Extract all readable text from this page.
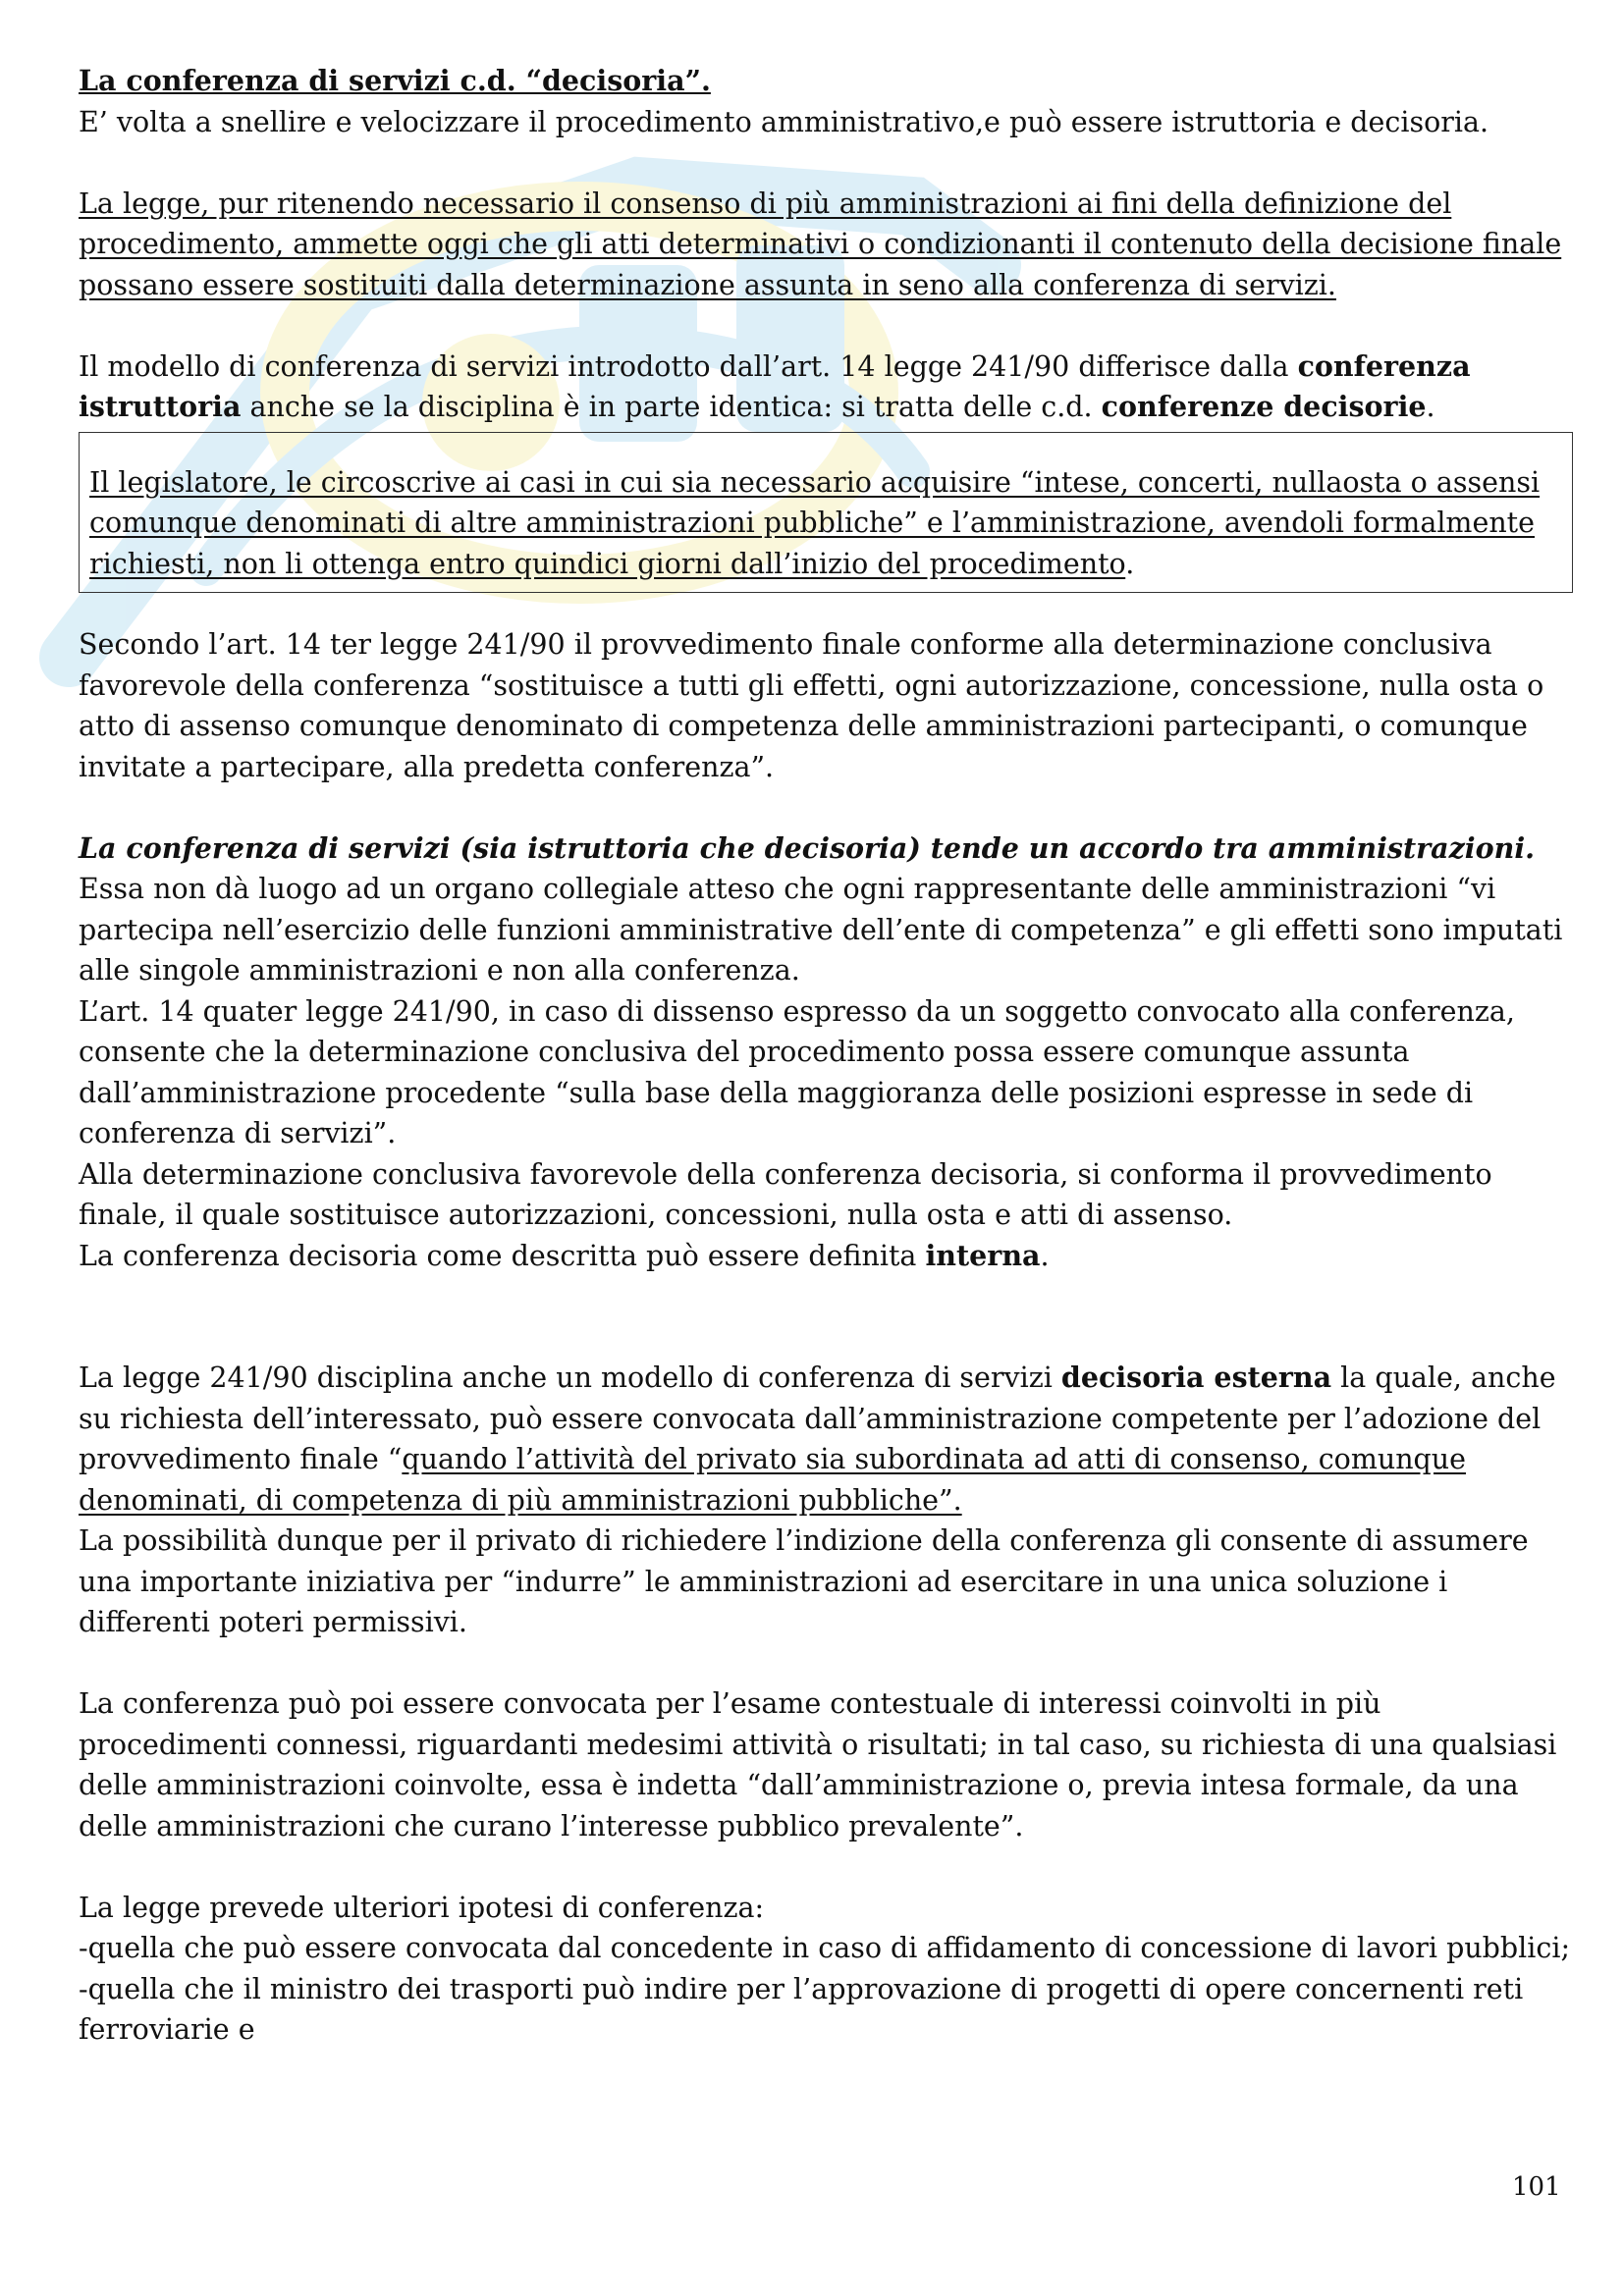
La conferenza di servizi c.d. “decisoria”.

E’ volta a snellire e velocizzare il procedimento amministrativo,e può essere istruttoria e decisoria.

La legge, pur ritenendo necessario il consenso di più amministrazioni ai fini della definizione del procedimento, ammette oggi che gli atti determinativi o condizionanti il contenuto della decisione finale possano essere sostituiti dalla determinazione assunta in seno alla conferenza di servizi.

Il modello di conferenza di servizi introdotto dall’art. 14 legge 241/90 differisce dalla conferenza istruttoria anche se la disciplina è in parte identica: si tratta delle c.d. conferenze decisorie.

Il legislatore, le circoscrive ai casi in cui sia necessario acquisire “intese, concerti, nullaosta o assensi comunque denominati di altre amministrazioni pubbliche” e l’amministrazione, avendoli formalmente richiesti, non li ottenga entro quindici giorni dall’inizio del procedimento.

Secondo l’art. 14 ter legge 241/90 il provvedimento finale conforme alla determinazione conclusiva favorevole della conferenza “sostituisce a tutti gli effetti, ogni autorizzazione, concessione, nulla osta o atto di assenso comunque denominato di competenza delle amministrazioni partecipanti, o comunque invitate a partecipare, alla predetta conferenza”.

La conferenza di servizi (sia istruttoria che decisoria) tende un accordo tra amministrazioni.

Essa non dà luogo ad un organo collegiale atteso che ogni rappresentante delle amministrazioni “vi partecipa nell’esercizio delle funzioni amministrative dell’ente di competenza” e gli effetti sono imputati alle singole amministrazioni e non alla conferenza.

L’art. 14 quater legge 241/90, in caso di dissenso espresso da un soggetto convocato alla conferenza, consente che la determinazione conclusiva del procedimento possa essere comunque assunta dall’amministrazione procedente “sulla base della maggioranza delle posizioni espresse in sede di conferenza di servizi”.

Alla determinazione conclusiva favorevole della conferenza decisoria, si conforma il provvedimento finale, il quale sostituisce autorizzazioni, concessioni, nulla osta e atti di assenso.

La conferenza decisoria come descritta può essere definita interna.

La legge 241/90 disciplina anche un modello di conferenza di servizi decisoria esterna la quale, anche su richiesta dell’interessato, può essere convocata dall’amministrazione competente per l’adozione del provvedimento finale “quando l’attività del privato sia subordinata ad atti di consenso, comunque denominati, di competenza di più amministrazioni pubbliche”.

La possibilità dunque per il privato di richiedere l’indizione della conferenza gli consente di assumere una importante iniziativa per “indurre” le amministrazioni ad esercitare in una unica soluzione i differenti poteri permissivi.

La conferenza può poi essere convocata per l’esame contestuale di interessi coinvolti in più procedimenti connessi, riguardanti medesimi attività o risultati; in tal caso, su richiesta di una qualsiasi delle amministrazioni coinvolte, essa è indetta “dall’amministrazione o, previa intesa formale, da una delle amministrazioni che curano l’interesse pubblico prevalente”.

La legge prevede ulteriori ipotesi di conferenza:

-quella che può essere convocata dal concedente in caso di affidamento di concessione di lavori pubblici;

-quella che il ministro dei trasporti può indire per l’approvazione di progetti di opere concernenti reti ferroviarie e

101
